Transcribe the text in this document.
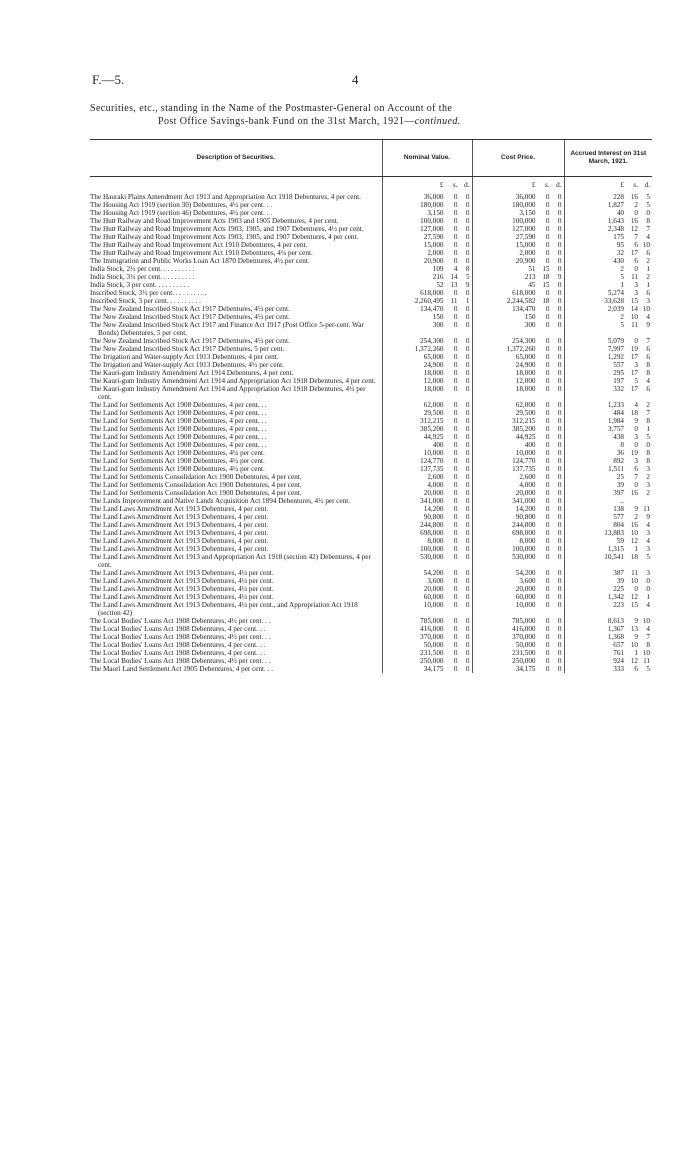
F.—5.	4
Securities, etc., standing in the Name of the Postmaster-General on Account of the
Post Office Savings-bank Fund on the 31st March, 1921—continued.
Description of Securities.	Nominal Value.	Cost Price.	Accrued Interest on 31st March, 1921.

	£ s. d.	£ s. d.	£ s. d.

The Hauraki Plains Amendment Act 1913 and Appropriation Act 1918 Debentures, 4 per cent.	36,000 0 0	36,000 0 0	228 16 5

The Housing Act 1919 (section 30) Debentures, 4½ per cent. . .	180,000 0 0	180,000 0 0	1,827 2 5

The Housing Act 1919 (section 46) Debentures, 4½ per cent. . .	3,150 0 0	3,150 0 0	40 0 0

The Hutt Railway and Road Improvement Acts 1903 and 1905 Debentures, 4 per cent.	100,000 0 0	100,000 0 0	1,643 16 8

The Hutt Railway and Road Improvement Acts 1903, 1905, and 1907 Debentures, 4½ per cent.	127,000 0 0	127,000 0 0	2,348 12 7

The Hutt Railway and Road Improvement Acts 1903, 1905, and 1907 Debentures, 4 per cent.	27,590 0 0	27,590 0 0	175 7 4

The Hutt Railway and Road Improvement Act 1910 Debentures, 4 per cent.	15,000 0 0	15,000 0 0	95 6 10

The Hutt Railway and Road Improvement Act 1910 Debentures, 4½ per cent.	2,000 0 0	2,000 0 0	32 17 6

The Immigration and Public Works Loan Act 1870 Debentures, 4½ per cent.	20,900 0 0	20,900 0 0	430 6 2

India Stock, 2½ per cent. . . . . . . . . .	109 4 8	51 15 0	2 0 1

India Stock, 3½ per cent. . . . . . . . . .	216 14 5	213 18 9	5 11 2

India Stock, 3 per cent. . . . . . . . . .	52 13 9	45 15 0	1 3 1

Inscribed Stock, 3½ per cent. . . . . . . . . .	618,000 0 0	618,000 0 0	5,274 3 6

Inscribed Stock, 3 per cent. . . . . . . . . .	2,260,495 11 1	2,244,582 18 0	33,628 15 3

The New Zealand Inscribed Stock Act 1917 Debentures, 4½ per cent.	134,470 0 0	134,470 0 0	2,039 14 10

The New Zealand Inscribed Stock Act 1917 Debentures, 4½ per cent.	150 0 0	150 0 0	2 10 4

The New Zealand Inscribed Stock Act 1917 and Finance Act 1917 (Post Office 5-per-cent. War Bonds) Debentures, 5 per cent.	300 0 0	300 0 0	5 11 9

The New Zealand Inscribed Stock Act 1917 Debentures, 4½ per cent.	254,300 0 0	254,300 0 0	5,079 0 7

The New Zealand Inscribed Stock Act 1917 Debentures, 5 per cent.	1,372,260 0 0	1,372,260 0 0	7,997 19 6

The Irrigation and Water-supply Act 1913 Debentures, 4 per cent.	65,000 0 0	65,000 0 0	1,292 17 6

The Irrigation and Water-supply Act 1913 Debentures, 4½ per cent.	24,900 0 0	24,900 0 0	557 3 8

The Kauri-gum Industry Amendment Act 1914 Debentures, 4 per cent.	18,000 0 0	18,000 0 0	295 17 8

The Kauri-gum Industry Amendment Act 1914 and Appropriation Act 1918 Debentures, 4 per cent.	12,000 0 0	12,000 0 0	197 5 4

The Kauri-gum Industry Amendment Act 1914 and Appropriation Act 1918 Debentures, 4½ per cent.	18,000 0 0	18,000 0 0	332 17 6

The Land for Settlements Act 1908 Debentures, 4 per cent. . .	62,000 0 0	62,000 0 0	1,233 4 2

The Land for Settlements Act 1908 Debentures, 4 per cent. . .	29,500 0 0	29,500 0 0	484 18 7

The Land for Settlements Act 1908 Debentures, 4 per cent. . .	312,215 0 0	312,215 0 0	1,984 9 8

The Land for Settlements Act 1908 Debentures, 4 per cent. . .	385,200 0 0	385,200 0 0	3,757 0 1

The Land for Settlements Act 1908 Debentures, 4 per cent. . .	44,925 0 0	44,925 0 0	438 3 5

The Land for Settlements Act 1908 Debentures, 4 per cent. . .	400 0 0	400 0 0	8 0 0

The Land for Settlements Act 1908 Debentures, 4½ per cent.	10,000 0 0	10,000 0 0	36 19 8

The Land for Settlements Act 1908 Debentures, 4½ per cent.	124,770 0 0	124,770 0 0	892 3 8

The Land for Settlements Act 1908 Debentures, 4½ per cent.	137,735 0 0	137,735 0 0	1,511 6 3

The Land for Settlements Consolidation Act 1900 Debentures, 4 per cent.	2,600 0 0	2,600 0 0	25 7 2

The Land for Settlements Consolidation Act 1900 Debentures, 4 per cent.	4,000 0 0	4,000 0 0	39 0 3

The Land for Settlements Consolidation Act 1900 Debentures, 4 per cent.	20,000 0 0	20,000 0 0	397 16 2

The Lands Improvement and Native Lands Acquisition Act 1894 Debentures, 4½ per cent.	341,000 0 0	341,000 0 0	..

The Land Laws Amendment Act 1913 Debentures, 4 per cent.	14,200 0 0	14,200 0 0	138 9 11

The Land Laws Amendment Act 1913 Debentures, 4 per cent.	90,800 0 0	90,800 0 0	577 2 9

The Land Laws Amendment Act 1913 Debentures, 4 per cent.	244,800 0 0	244,800 0 0	804 16 4

The Land Laws Amendment Act 1913 Debentures, 4 per cent.	698,000 0 0	698,000 0 0	13,883 10 3

The Land Laws Amendment Act 1913 Debentures, 4 per cent.	8,000 0 0	8,000 0 0	59 12 4

The Land Laws Amendment Act 1913 Debentures, 4 per cent.	100,000 0 0	100,000 0 0	1,315 1 3

The Land Laws Amendment Act 1913 and Appropriation Act 1918 (section 42) Debentures, 4 per cent.	530,000 0 0	530,000 0 0	10,541 18 5

The Land Laws Amendment Act 1913 Debentures, 4½ per cent.	54,200 0 0	54,200 0 0	387 11 3

The Land Laws Amendment Act 1913 Debentures, 4½ per cent.	3,600 0 0	3,600 0 0	39 10 0

The Land Laws Amendment Act 1913 Debentures, 4½ per cent.	20,000 0 0	20,000 0 0	225 0 0

The Land Laws Amendment Act 1913 Debentures, 4½ per cent.	60,000 0 0	60,000 0 0	1,342 12 1

The Land Laws Amendment Act 1913 Debentures, 4½ per cent., and Appropriation Act 1918 (section 42)	10,000 0 0	10,000 0 0	223 15 4

The Local Bodies' Loans Act 1908 Debentures, 4½ per cent. . .	785,000 0 0	785,000 0 0	8,613 9 10

The Local Bodies' Loans Act 1908 Debentures, 4 per cent. . .	416,000 0 0	416,000 0 0	1,367 13 4

The Local Bodies' Loans Act 1908 Debentures, 4½ per cent. . .	370,000 0 0	370,000 0 0	1,368 9 7

The Local Bodies' Loans Act 1908 Debentures, 4 per cent. . .	50,000 0 0	50,000 0 0	657 10 8

The Local Bodies' Loans Act 1908 Debentures, 4 per cent. . .	231,500 0 0	231,500 0 0	761 1 10

The Local Bodies' Loans Act 1908 Debentures, 4½ per cent. . .	250,000 0 0	250,000 0 0	924 12 11

The Maori Land Settlement Act 1905 Debentures, 4 per cent. . .	34,175 0 0	34,175 0 0	333 6 5
